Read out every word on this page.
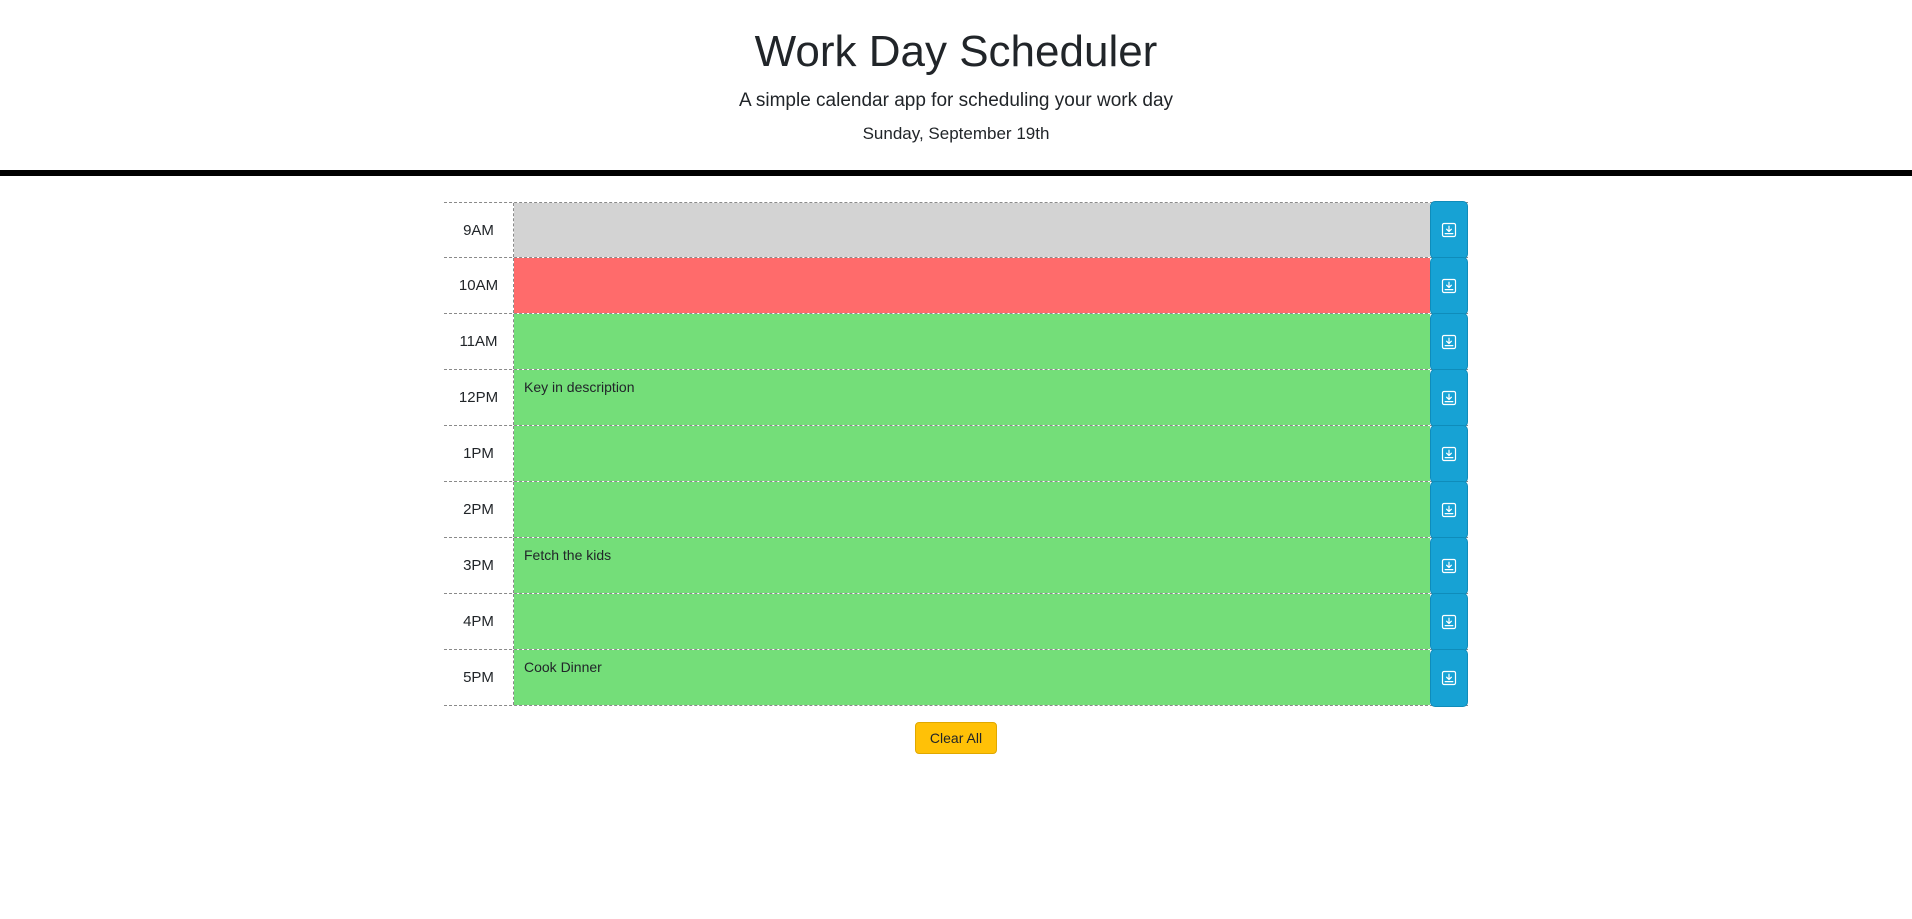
Work Day Scheduler

A simple calendar app for scheduling your work day

Sunday, September 19th

9AM
10AM
11AM
12PM
Key in description
1PM
2PM
3PM
Fetch the kids
4PM
5PM
Cook Dinner
Clear All
